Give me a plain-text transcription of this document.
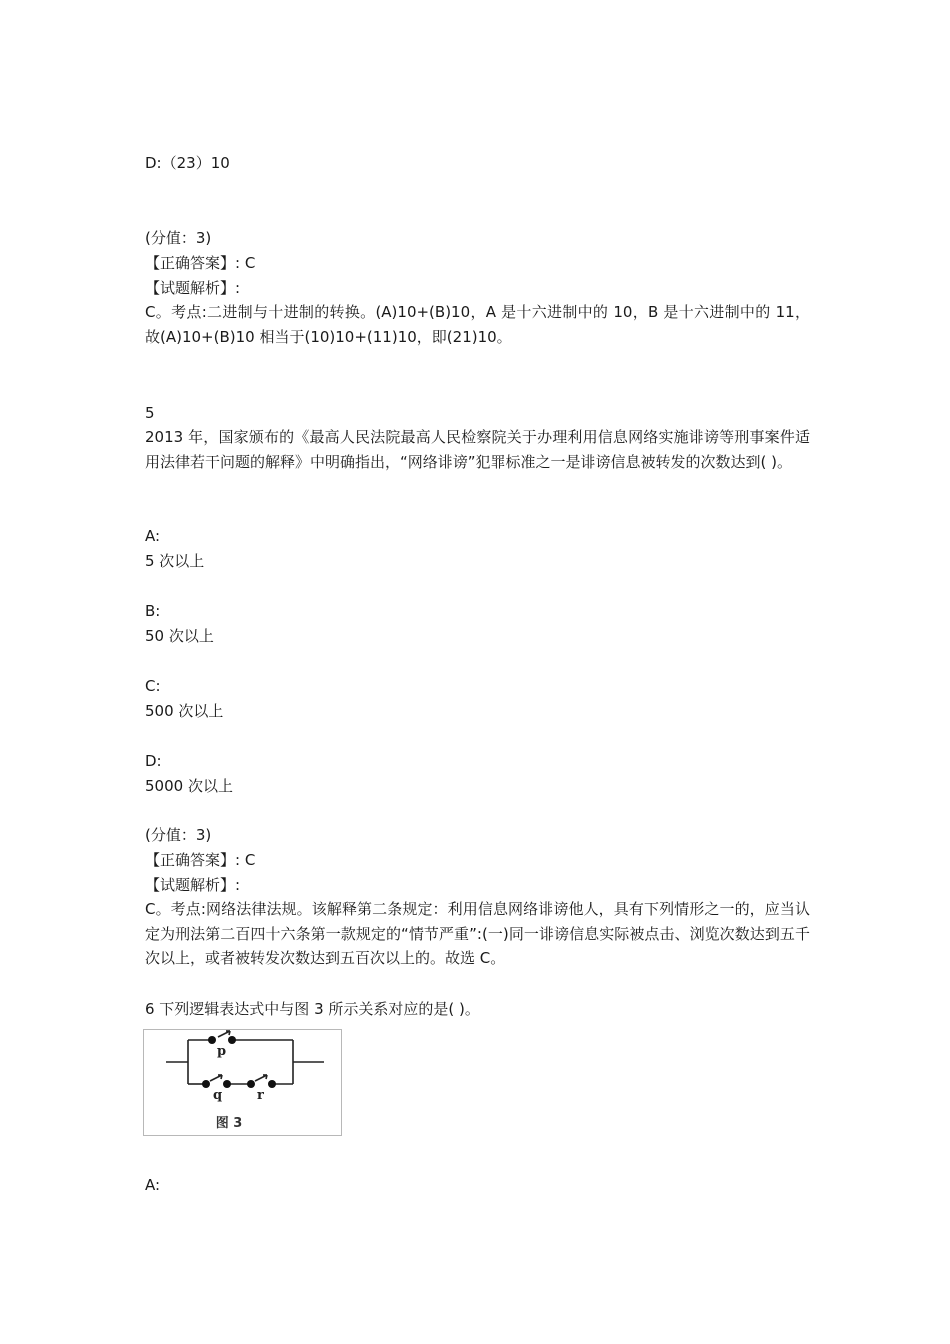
D:（23）10
(分值：3)
【正确答案】: C
【试题解析】:
C。考点:二进制与十进制的转换。(A)10+(B)10，A 是十六进制中的 10，B 是十六进制中的 11，故(A)10+(B)10 相当于(10)10+(11)10，即(21)10。
5
2013 年，国家颁布的《最高人民法院最高人民检察院关于办理利用信息网络实施诽谤等刑事案件适用法律若干问题的解释》中明确指出，“网络诽谤”犯罪标准之一是诽谤信息被转发的次数达到( )。
A:
5 次以上
B:
50 次以上
C:
500 次以上
D:
5000 次以上
(分值：3)
【正确答案】: C
【试题解析】:
C。考点:网络法律法规。该解释第二条规定：利用信息网络诽谤他人，具有下列情形之一的，应当认定为刑法第二百四十六条第一款规定的“情节严重”:(一)同一诽谤信息实际被点击、浏览次数达到五千次以上，或者被转发次数达到五百次以上的。故选 C。
6 下列逻辑表达式中与图 3 所示关系对应的是( )。
p
q	r
图 3
A:
